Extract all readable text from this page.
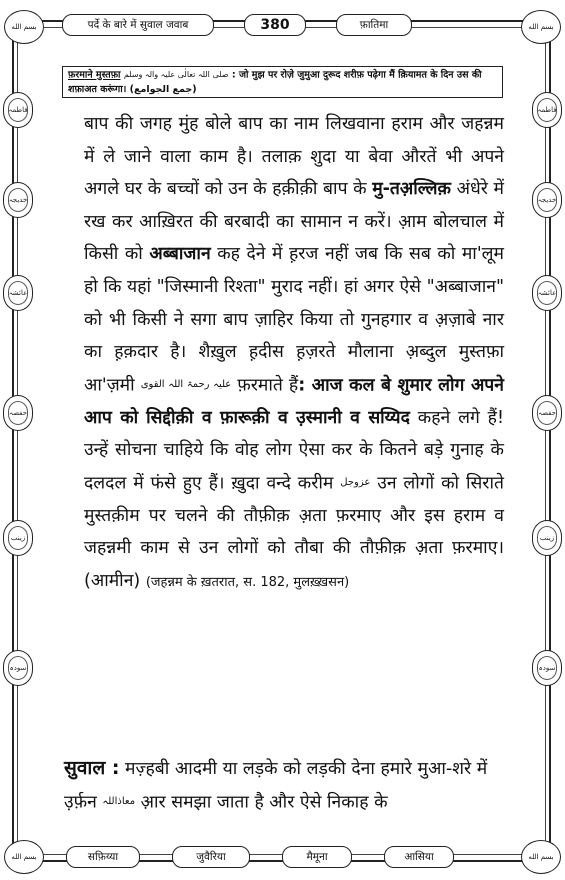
بسم الله	بسم الله
بسم الله	بسم الله
पर्दे के बारे में सुवाल जवाब	380	फ़ातिमा
فاطمہ
خدیجہ
عائشہ
حفصہ
زینب
سودہ
فاطمہ
خدیجہ
عائشہ
حفصہ
زینب
سودہ
फ़रमाने मुस्तफ़ा صلی اللہ تعالٰی علیہ والہ وسلم : जो मुझ पर रोज़े जुमुआ दुरूद शरीफ़ पढ़ेगा मैं क़ियामत के दिन उस की शफ़ाअत करूंगा। (جمع الجوامع)

बाप की जगह मुंह बोले बाप का नाम लिखवाना हराम और जहन्नम में ले जाने वाला काम है। तलाक़ शुदा या बेवा औरतें भी अपने अगले घर के बच्चों को उन के हक़ीक़ी बाप के मु-तअ़ल्लिक़ अंधेरे में रख कर आख़िरत की बरबादी का सामान न करें। आ़म बोलचाल में किसी को अब्बाजान कह देने में ह़रज नहीं जब कि सब को मा'लूम हो कि यहां "जिस्मानी रिश्ता" मुराद नहीं। हां अगर ऐसे "अब्बाजान" को भी किसी ने सगा बाप ज़ाहिर किया तो गुनहगार व अ़ज़ाबे नार का ह़क़दार है। शैख़ुल ह़दीस ह़ज़रते मौलाना अ़ब्दुल मुस्तफ़ा आ'ज़मी علیہ رحمۃ اللہ القوی फ़रमाते हैं: आज कल बे शुमार लोग अपने आप को सिद्दीक़ी व फ़ारूक़ी व उ़स्मानी व सय्यिद कहने लगे हैं! उन्हें सोचना चाहिये कि वोह लोग ऐसा कर के कितने बड़े गुनाह के दलदल में फंसे हुए हैं। ख़ुदा वन्दे करीम عزوجل उन लोगों को सिराते मुस्तक़ीम पर चलने की तौफ़ीक़ अ़ता फ़रमाए और इस हराम व जहन्नमी काम से उन लोगों को तौबा की तौफ़ीक़ अ़ता फ़रमाए। (आमीन) (जहन्नम के ख़तरात, स. 182, मुलख़्ख़सन)

सुवाल : मज़्हबी आदमी या लड़के को लड़की देना हमारे मुआ-शरे में उ़र्फ़न معاذاللہ आ़र समझा जाता है और ऐसे निकाह के
सफ़िय्या	जुवैरिया	मैमूना	आसिया
